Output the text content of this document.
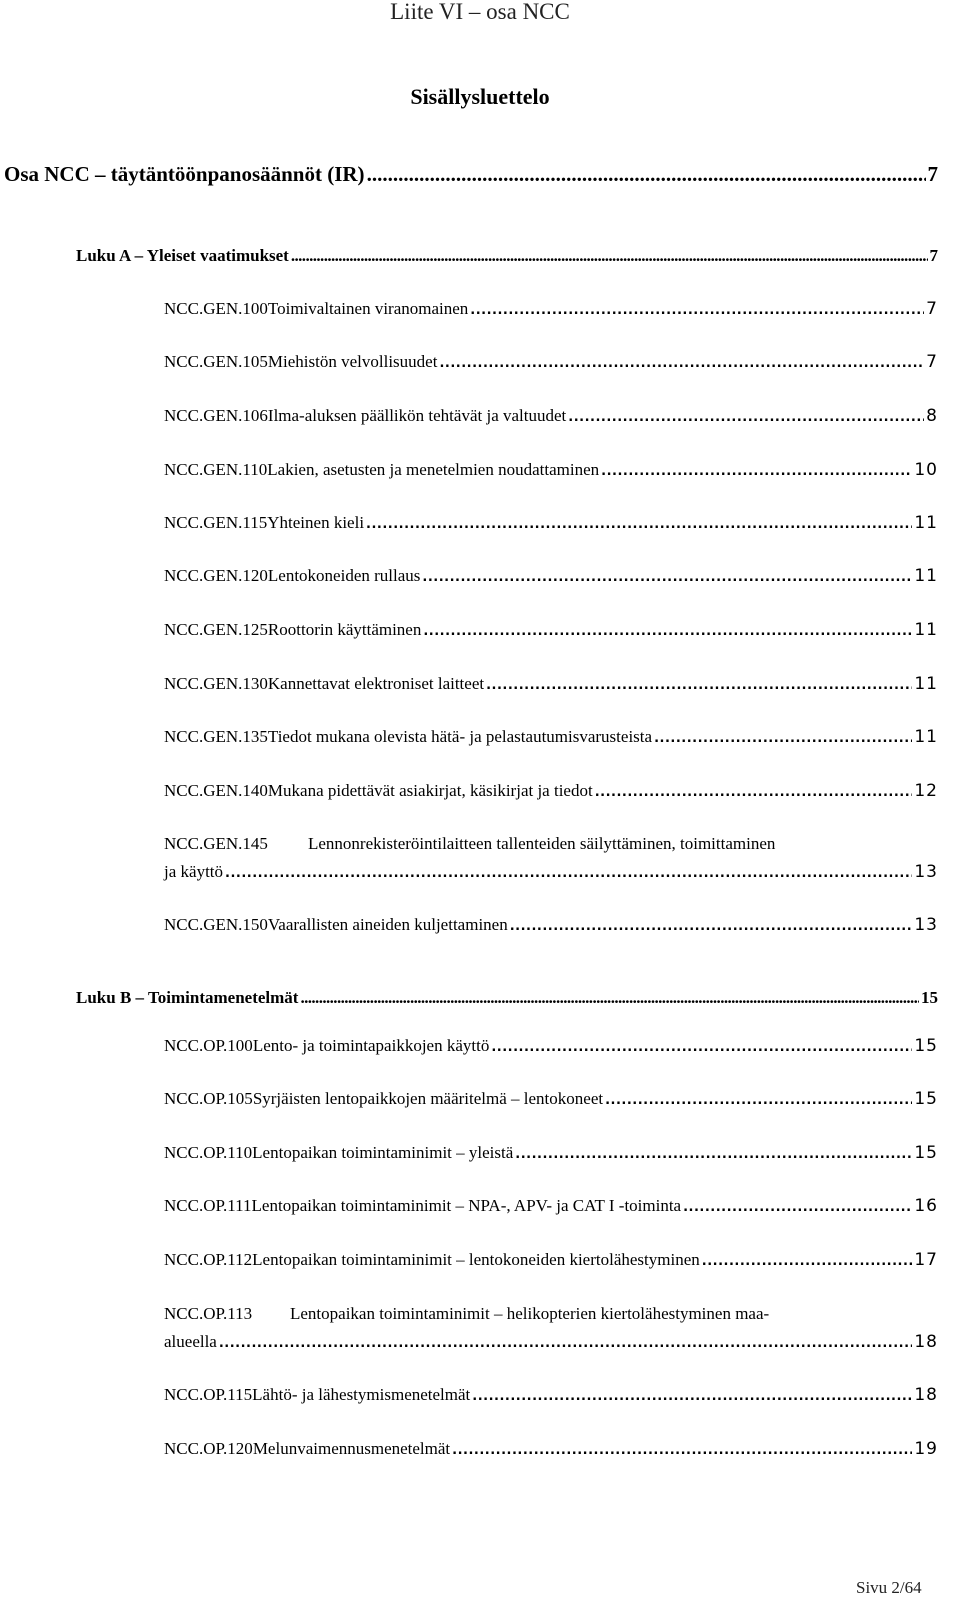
Liite VI – osa NCC
Sisällysluettelo
Osa NCC – täytäntöönpanosäännöt (IR) .....	7
Luku A – Yleiset vaatimukset .....	7
NCC.GEN.100 Toimivaltainen viranomainen .....	7
NCC.GEN.105 Miehistön velvollisuudet .....	7
NCC.GEN.106 Ilma-aluksen päällikön tehtävät ja valtuudet .....	8
NCC.GEN.110 Lakien, asetusten ja menetelmien noudattaminen .....	10
NCC.GEN.115 Yhteinen kieli .....	11
NCC.GEN.120 Lentokoneiden rullaus .....	11
NCC.GEN.125 Roottorin käyttäminen .....	11
NCC.GEN.130 Kannettavat elektroniset laitteet .....	11
NCC.GEN.135 Tiedot mukana olevista hätä- ja pelastautumisvarusteista .....	11
NCC.GEN.140 Mukana pidettävät asiakirjat, käsikirjat ja tiedot .....	12
NCC.GEN.145 Lennonrekisteröintilaitteen tallenteiden säilyttäminen, toimittaminen
ja käyttö .....	13
NCC.GEN.150 Vaarallisten aineiden kuljettaminen .....	13
Luku B – Toimintamenetelmät .....	15
NCC.OP.100 Lento- ja toimintapaikkojen käyttö .....	15
NCC.OP.105 Syrjäisten lentopaikkojen määritelmä – lentokoneet .....	15
NCC.OP.110 Lentopaikan toimintaminimit – yleistä .....	15
NCC.OP.111 Lentopaikan toimintaminimit – NPA-, APV- ja CAT I -toiminta .....	16
NCC.OP.112 Lentopaikan toimintaminimit – lentokoneiden kiertolähestyminen .....	17
NCC.OP.113 Lentopaikan toimintaminimit – helikopterien kiertolähestyminen maa-
alueella .....	18
NCC.OP.115 Lähtö- ja lähestymismenetelmät .....	18
NCC.OP.120 Melunvaimennusmenetelmät .....	19
Sivu 2/64
